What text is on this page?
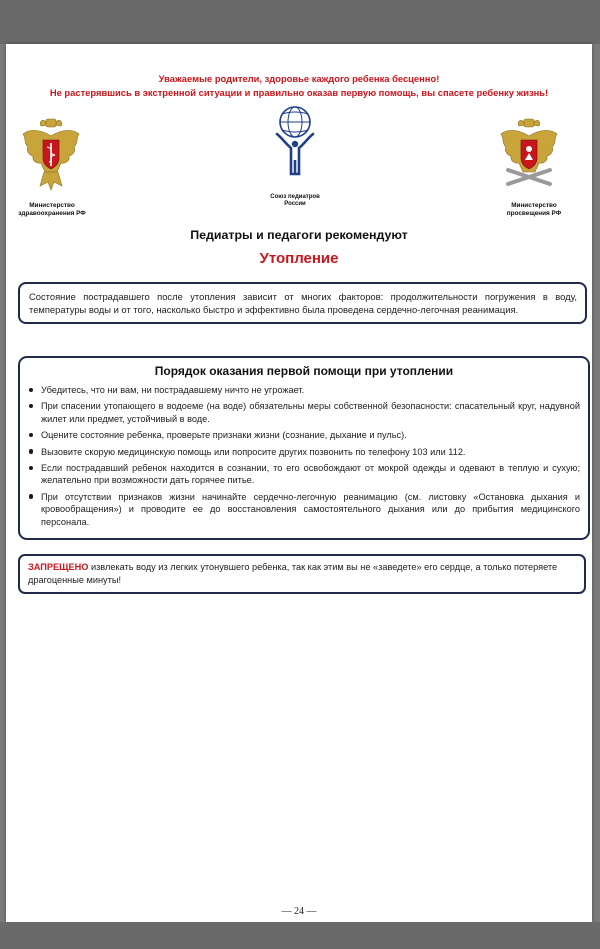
Уважаемые родители, здоровье каждого ребенка бесценно!
Не растерявшись в экстренной ситуации и правильно оказав первую помощь, вы спасете ребенку жизнь!
Министерство здравоохранения РФ
Союз педиатров России	Министерство просвещения РФ
Педиатры и педагоги рекомендуют
Утопление
Состояние пострадавшего после утопления зависит от многих факторов: продолжительности погружения в воду, температуры воды и от того, насколько быстро и эффективно была проведена сердечно-легочная реанимация.
Порядок оказания первой помощи при утоплении
Убедитесь, что ни вам, ни пострадавшему ничто не угрожает.
При спасении утопающего в водоеме (на воде) обязательны меры собственной безопасности: спасательный круг, надувной жилет или предмет, устойчивый в воде.
Оцените состояние ребенка, проверьте признаки жизни (сознание, дыхание и пульс).
Вызовите скорую медицинскую помощь или попросите других позвонить по телефону 103 или 112.
Если пострадавший ребенок находится в сознании, то его освобождают от мокрой одежды и одевают в теплую и сухую; желательно при возможности дать горячее питье.
При отсутствии признаков жизни начинайте сердечно-легочную реанимацию (см. листовку «Остановка дыхания и кровообращения») и проводите ее до восстановления самостоятельного дыхания или до прибытия медицинского персонала.
ЗАПРЕЩЕНО извлекать воду из легких утонувшего ребенка, так как этим вы не «заведете» его сердце, а только потеряете драгоценные минуты!
— 24 —
